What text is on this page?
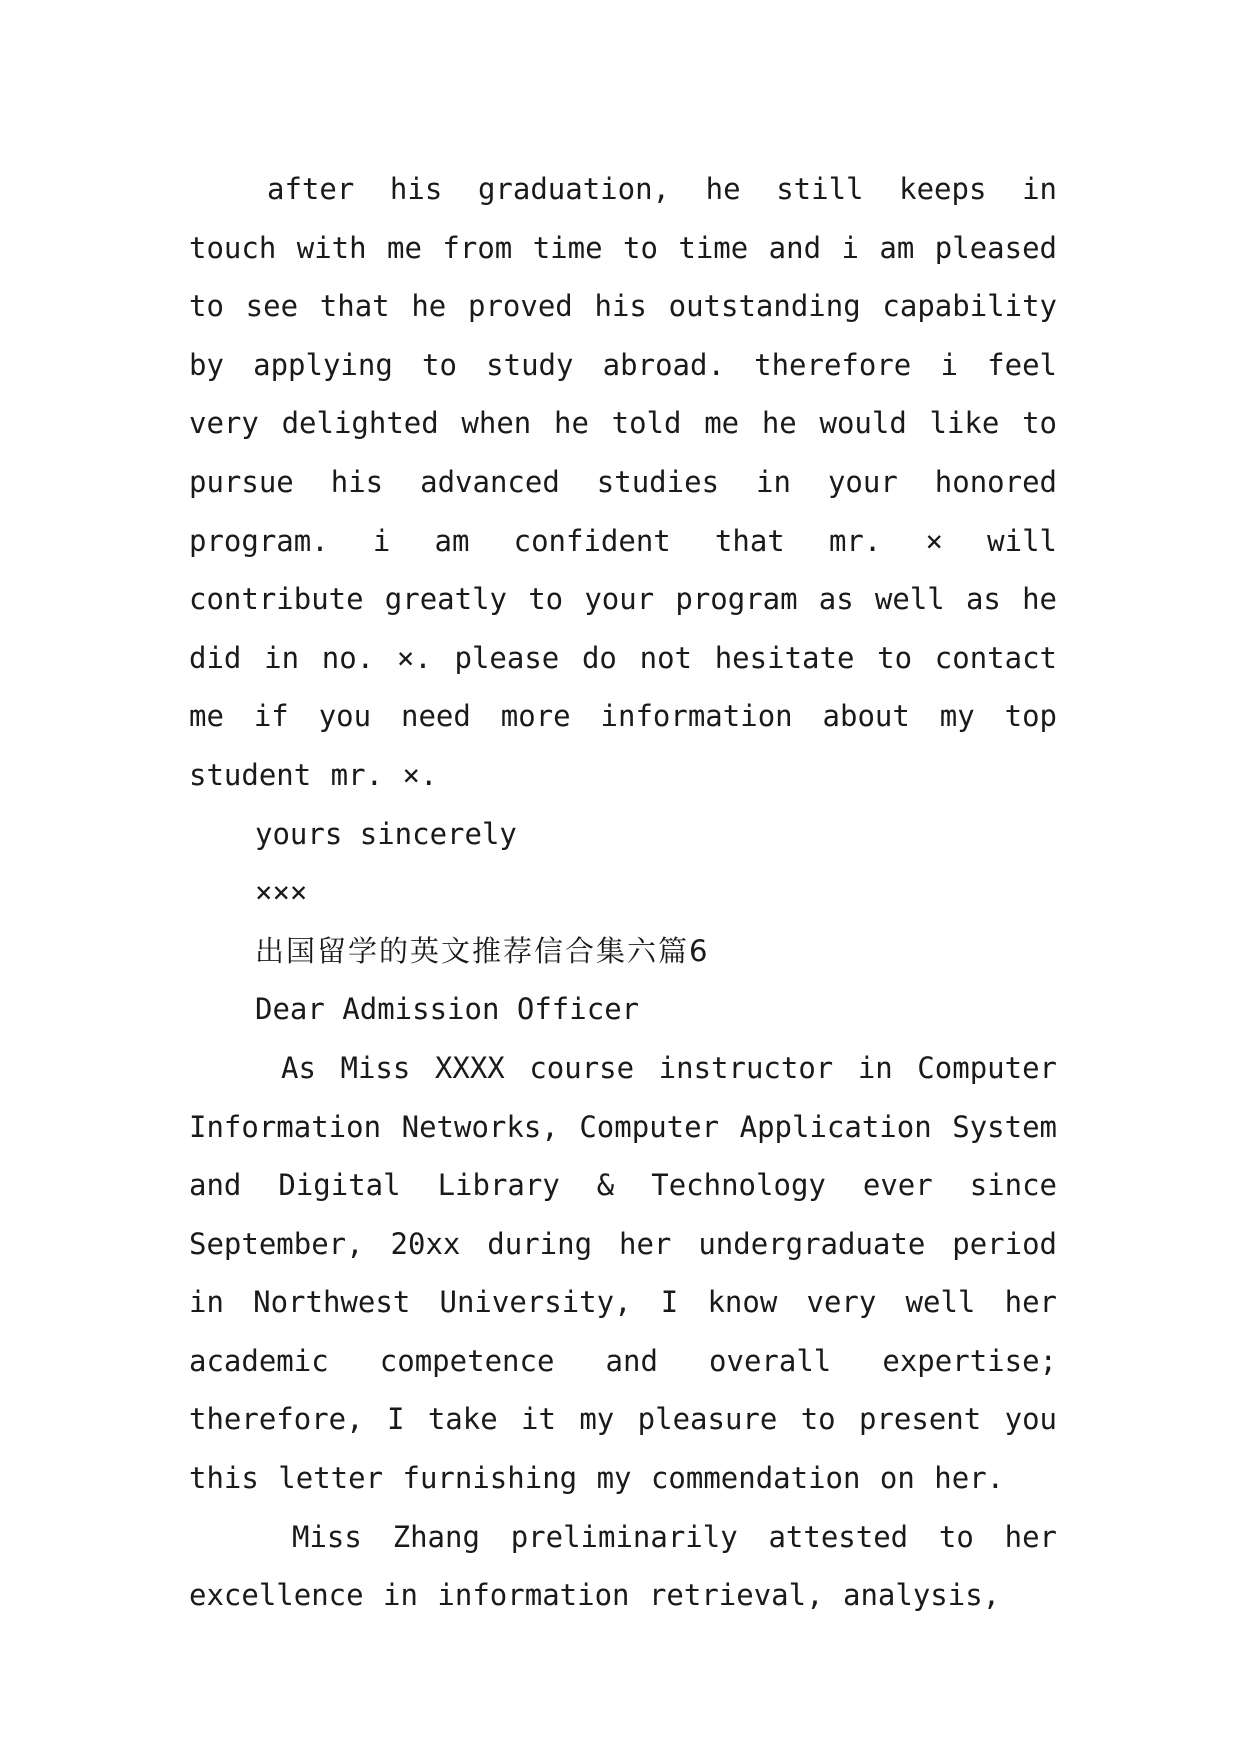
after his graduation, he still keeps in touch with me from time to time and i am pleased to see that he proved his outstanding capability by applying to study abroad. therefore i feel very delighted when he told me he would like to pursue his advanced studies in your honored program. i am confident that mr. × will contribute greatly to your program as well as he did in no. ×. please do not hesitate to contact me if you need more information about my top student mr. ×.

yours sincerely

×××

出国留学的英文推荐信合集六篇6

Dear Admission Officer

As Miss XXXX course instructor in Computer Information Networks, Computer Application System and Digital Library & Technology ever since September, 20xx during her undergraduate period in Northwest University, I know very well her academic competence and overall expertise; therefore, I take it my pleasure to present you this letter furnishing my commendation on her.

Miss Zhang preliminarily attested to her excellence in information retrieval, analysis,
